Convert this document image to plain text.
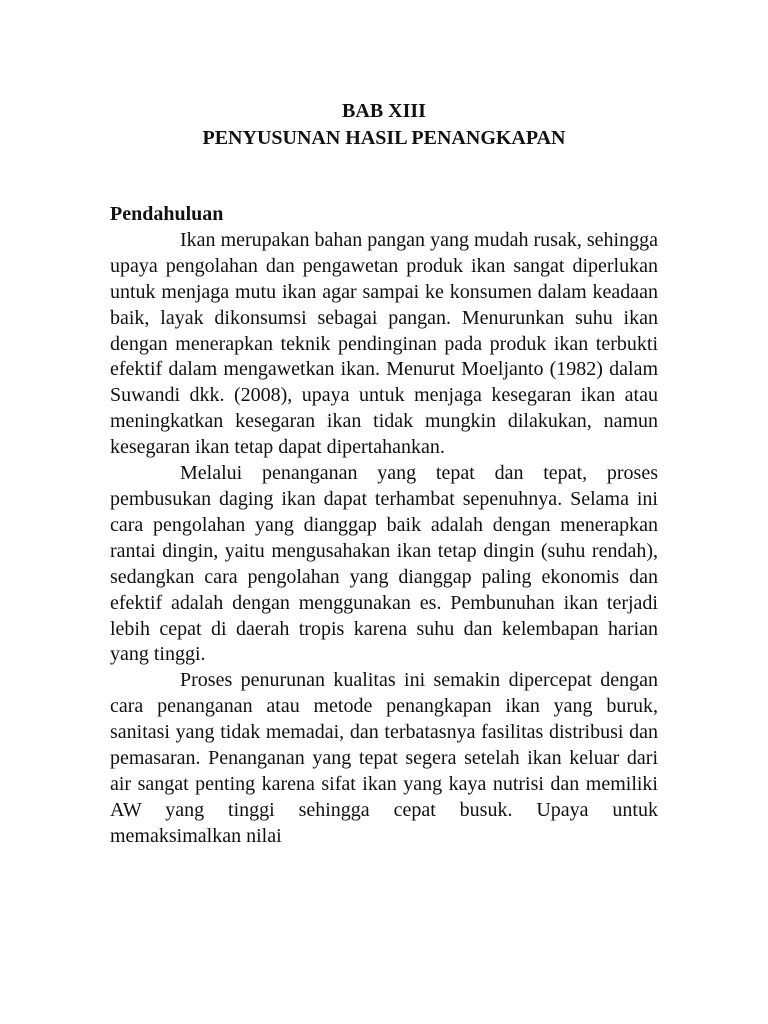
BAB XIII
PENYUSUNAN HASIL PENANGKAPAN

Pendahuluan

Ikan merupakan bahan pangan yang mudah rusak, sehingga upaya pengolahan dan pengawetan produk ikan sangat diperlukan untuk menjaga mutu ikan agar sampai ke konsumen dalam keadaan baik, layak dikonsumsi sebagai pangan. Menurunkan suhu ikan dengan menerapkan teknik pendinginan pada produk ikan terbukti efektif dalam mengawetkan ikan. Menurut Moeljanto (1982) dalam Suwandi dkk. (2008), upaya untuk menjaga kesegaran ikan atau meningkatkan kesegaran ikan tidak mungkin dilakukan, namun kesegaran ikan tetap dapat dipertahankan.

Melalui penanganan yang tepat dan tepat, proses pembusukan daging ikan dapat terhambat sepenuhnya. Selama ini cara pengolahan yang dianggap baik adalah dengan menerapkan rantai dingin, yaitu mengusahakan ikan tetap dingin (suhu rendah), sedangkan cara pengolahan yang dianggap paling ekonomis dan efektif adalah dengan menggunakan es. Pembunuhan ikan terjadi lebih cepat di daerah tropis karena suhu dan kelembapan harian yang tinggi.

Proses penurunan kualitas ini semakin dipercepat dengan cara penanganan atau metode penangkapan ikan yang buruk, sanitasi yang tidak memadai, dan terbatasnya fasilitas distribusi dan pemasaran. Penanganan yang tepat segera setelah ikan keluar dari air sangat penting karena sifat ikan yang kaya nutrisi dan memiliki AW yang tinggi sehingga cepat busuk. Upaya untuk memaksimalkan nilai
